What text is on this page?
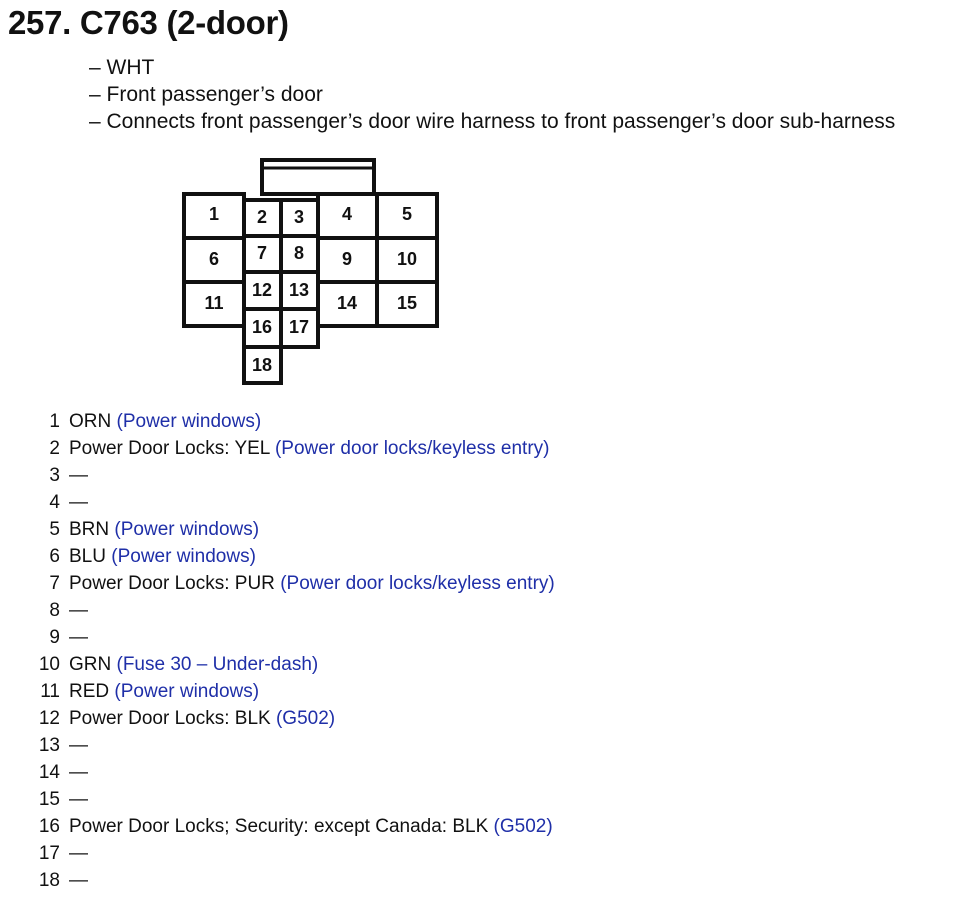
257. C763 (2-door)
– WHT
– Front passenger’s door
– Connects front passenger’s door wire harness to front passenger’s door sub-harness
1 2 3 4	5
6 7 8 9 10
11
12 13
14 15
16 17
18
1 ORN (Power windows)
2 Power Door Locks: YEL (Power door locks/keyless entry)
3 —
4 —
5 BRN (Power windows)
6 BLU (Power windows)
7 Power Door Locks: PUR (Power door locks/keyless entry)
8 —
9 —
10 GRN (Fuse 30 – Under-dash)
11 RED (Power windows)
12 Power Door Locks: BLK (G502)
13 —
14 —
15 —
16 Power Door Locks; Security: except Canada: BLK (G502)
17 —
18 —
